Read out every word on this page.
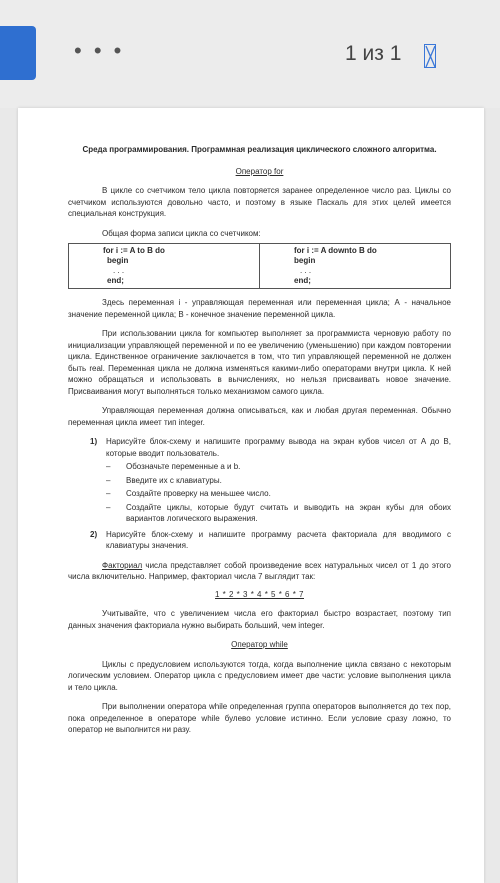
• • •	1 из 1
Среда программирования. Программная реализация циклического сложного алгоритма.
Оператор for

В цикле со счетчиком тело цикла повторяется заранее определенное число раз. Циклы со счетчиком используются довольно часто, и поэтому в языке Паскаль для этих целей имеется специальная конструкция.

Общая форма записи цикла со счетчиком:

for i := A to B do
begin
. . .
end;

for i := A downto B do
begin
. . .
end;

Здесь переменная i - управляющая переменная или переменная цикла; А - начальное значение переменной цикла; В - конечное значение переменной цикла.

При использовании цикла for компьютер выполняет за программиста черновую работу по инициализации управляющей переменной и по ее увеличению (уменьшению) при каждом повторении цикла. Единственное ограничение заключается в том, что тип управляющей переменной не должен быть real. Переменная цикла не должна изменяться какими-либо операторами внутри цикла. К ней можно обращаться и использовать в вычислениях, но нельзя присваивать новое значение. Присваивания могут выполняться только механизмом самого цикла.

Управляющая переменная должна описываться, как и любая другая переменная. Обычно переменная цикла имеет тип integer.

1)	Нарисуйте блок-схему и напишите программу вывода на экран кубов чисел от А до В, которые вводит пользователь.
–	Обозначьте переменные a и b.
–	Введите их с клавиатуры.
–	Создайте проверку на меньшее число.
–	Создайте циклы, которые будут считать и выводить на экран кубы для обоих вариантов логического выражения.
2)	Нарисуйте блок-схему и напишите программу расчета факториала для вводимого с клавиатуры значения.

Факториал числа представляет собой произведение всех натуральных чисел от 1 до этого числа включительно. Например, факториал числа 7 выглядит так:

1 * 2 * 3 * 4 * 5 * 6 * 7

Учитывайте, что с увеличением числа его факториал быстро возрастает, поэтому тип данных значения факториала нужно выбирать больший, чем integer.

Оператор while

Циклы с предусловием используются тогда, когда выполнение цикла связано с некоторым логическим условием. Оператор цикла с предусловием имеет две части: условие выполнения цикла и тело цикла.

При выполнении оператора while определенная группа операторов выполняется до тех пор, пока определенное в операторе while булево условие истинно. Если условие сразу ложно, то оператор не выполнится ни разу.
